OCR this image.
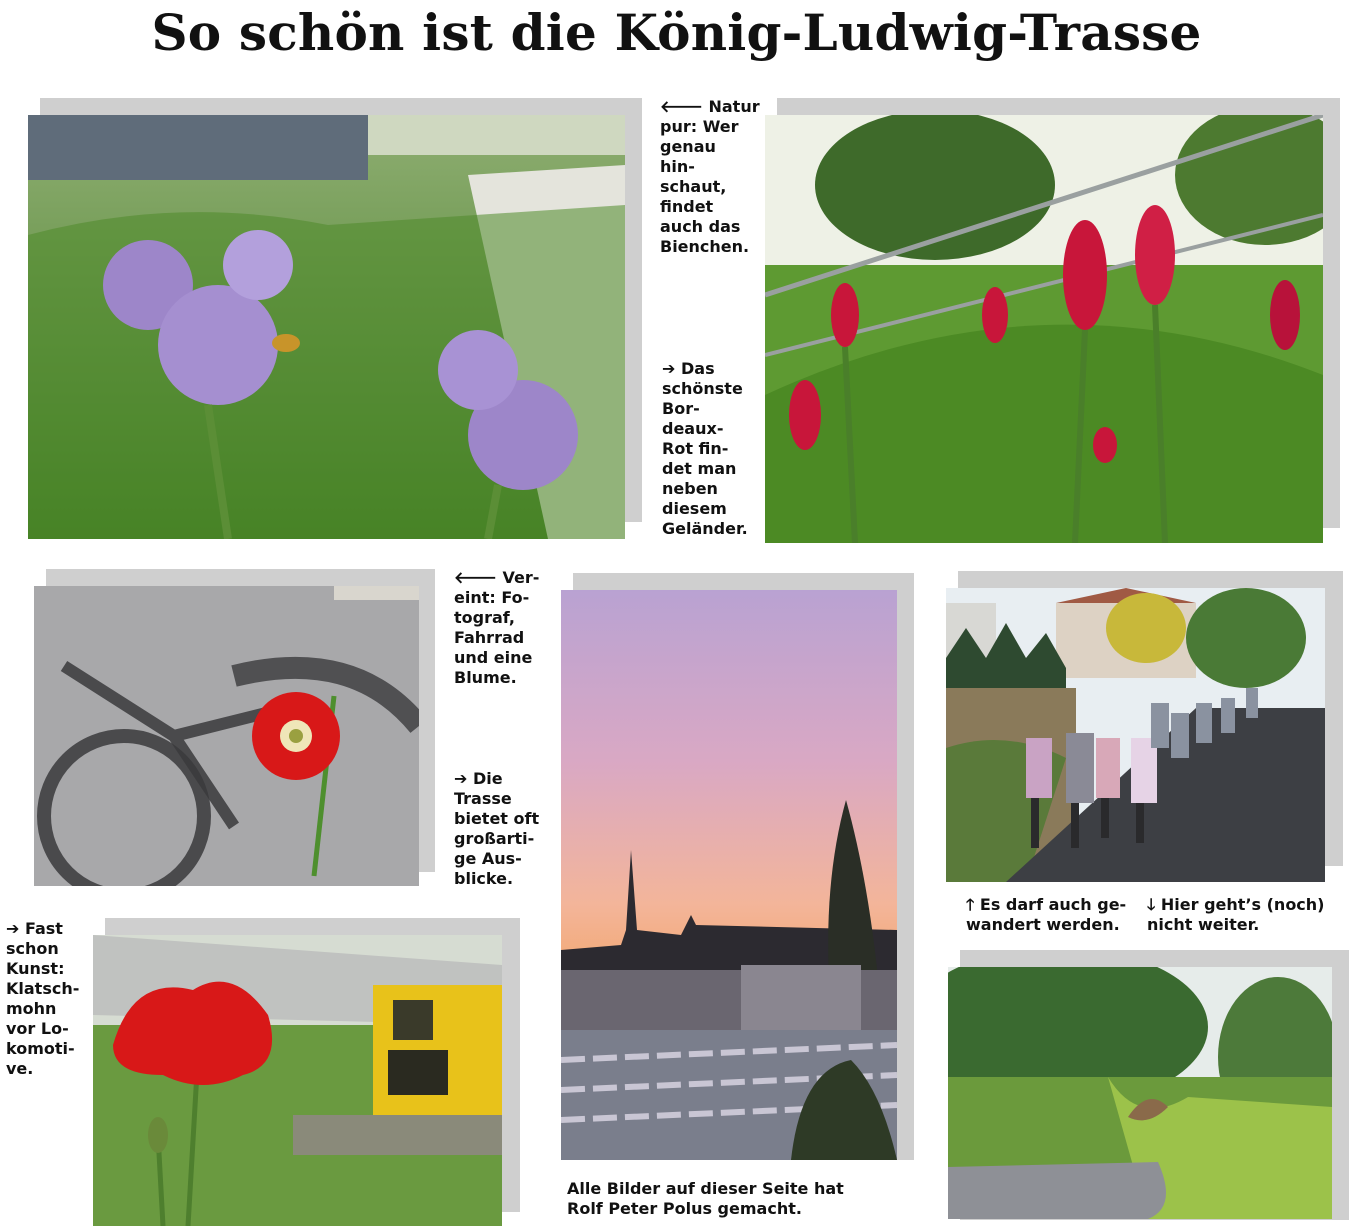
So schön ist die König-Ludwig-Trasse
🡐 Natur
pur: Wer
genau
hin-
schaut,
findet
auch das
Bienchen.
➔ Das
schönste
Bor-
deaux-
Rot fin-
det man
neben
diesem
Geländer.
🡐 Ver-
eint: Fo-
tograf,
Fahrrad
und eine
Blume.
➔ Die
Trasse
bietet oft
großarti-
ge Aus-
blicke.
Alle Bilder auf dieser Seite hat
Rolf Peter Polus gemacht.
🡑 Es darf auch ge-
wandert werden.
🡓 Hier geht’s (noch)
nicht weiter.
➔ Fast
schon
Kunst:
Klatsch-
mohn
vor Lo-
komoti-
ve.
